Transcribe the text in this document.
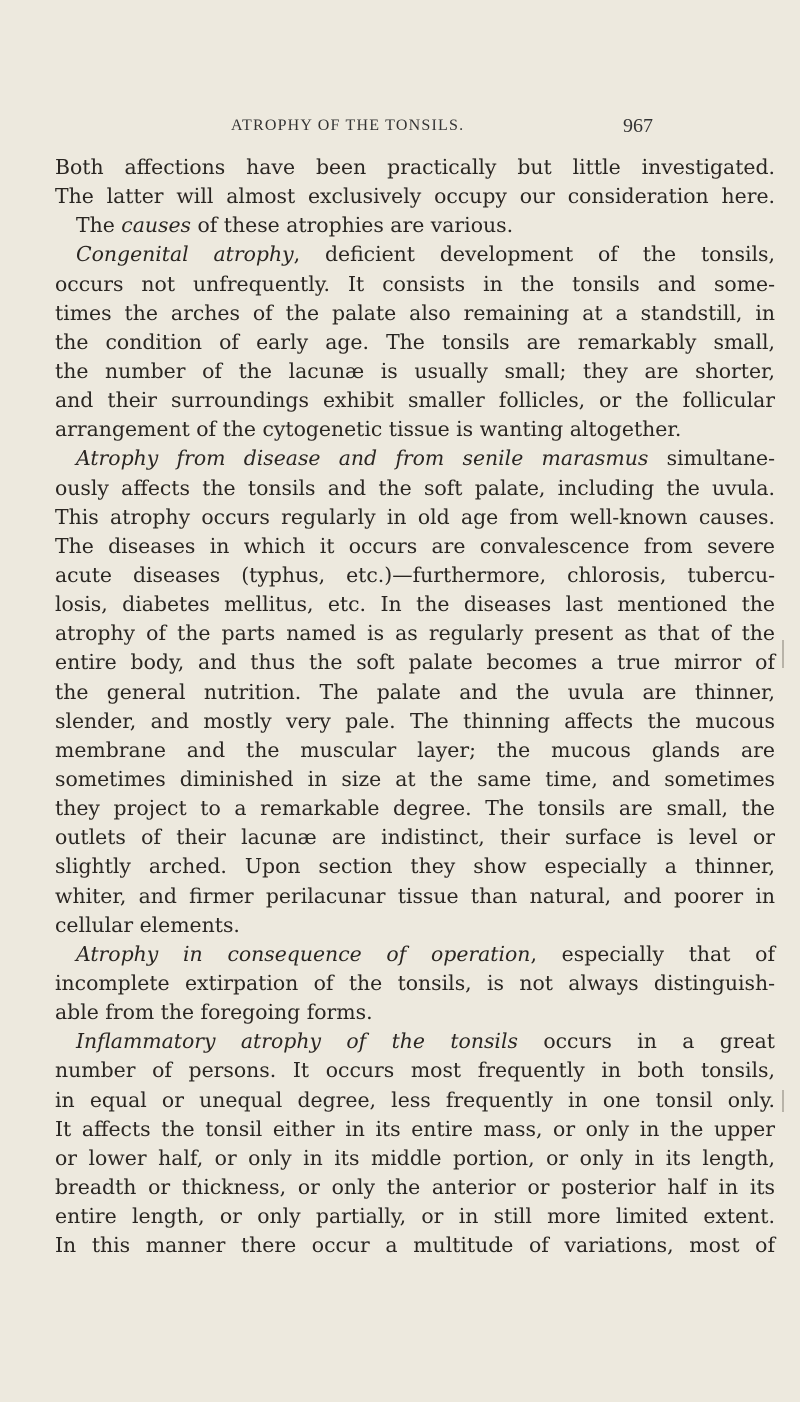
ATROPHY OF THE TONSILS.	967
Both affections have been practically but little investigated.
The latter will almost exclusively occupy our consideration here.
The causes of these atrophies are various.
Congenital atrophy, deficient development of the tonsils,
occurs not unfrequently. It consists in the tonsils and some-
times the arches of the palate also remaining at a standstill, in
the condition of early age. The tonsils are remarkably small,
the number of the lacunæ is usually small; they are shorter,
and their surroundings exhibit smaller follicles, or the follicular
arrangement of the cytogenetic tissue is wanting altogether.
Atrophy from disease and from senile marasmus simultane-
ously affects the tonsils and the soft palate, including the uvula.
This atrophy occurs regularly in old age from well-known causes.
The diseases in which it occurs are convalescence from severe
acute diseases (typhus, etc.)—furthermore, chlorosis, tubercu-
losis, diabetes mellitus, etc. In the diseases last mentioned the
atrophy of the parts named is as regularly present as that of the
entire body, and thus the soft palate becomes a true mirror of
the general nutrition. The palate and the uvula are thinner,
slender, and mostly very pale. The thinning affects the mucous
membrane and the muscular layer; the mucous glands are
sometimes diminished in size at the same time, and sometimes
they project to a remarkable degree. The tonsils are small, the
outlets of their lacunæ are indistinct, their surface is level or
slightly arched. Upon section they show especially a thinner,
whiter, and firmer perilacunar tissue than natural, and poorer in
cellular elements.
Atrophy in consequence of operation, especially that of
incomplete extirpation of the tonsils, is not always distinguish-
able from the foregoing forms.
Inflammatory atrophy of the tonsils occurs in a great
number of persons. It occurs most frequently in both tonsils,
in equal or unequal degree, less frequently in one tonsil only.
It affects the tonsil either in its entire mass, or only in the upper
or lower half, or only in its middle portion, or only in its length,
breadth or thickness, or only the anterior or posterior half in its
entire length, or only partially, or in still more limited extent.
In this manner there occur a multitude of variations, most of
